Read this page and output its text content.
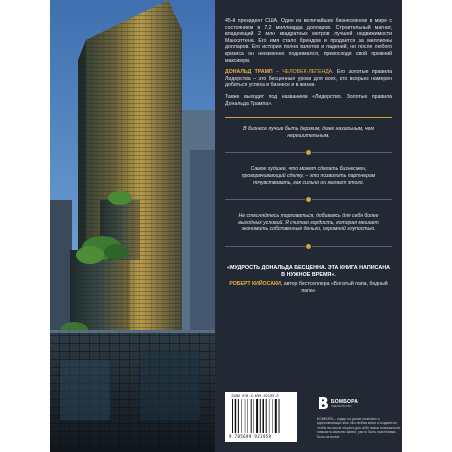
45-й президент США. Один из величайших бизнесменов в мире с состоянием в 7,2 миллиарда долларов. Строительный магнат, владеющий 2 млн квадратных метров лучшей недвижимости Манхэттена. Его имя стало брендом и продается за миллионы долларов. Его история полна взлетов и падений, но после любого кризиса он неизменно поднимался, превосходя свой прежний максимум.

ДОНАЛЬД ТРАМП – ЧЕЛОВЕК-ЛЕГЕНДА. Его золотые правила Лидерства – это бесценные уроки для всех, кто всерьез намерен добиться успеха в бизнесе и в жизни.

Также выходит под названием «Лидерство. Золотые правила Дональда Трампа».

В бизнесе лучше быть дерзким, даже нахальным, чем нерешительным.

Самое худшее, что может сделать бизнесмен, проворачивающий сделку, – это позволить партнерам почувствовать, как сильно он желает этого.

Не стесняйтесь торговаться, добиваясь для себя более выгодных условий. Я считаю гордость, которая мешает экономить собственные деньги, огромной глупостью.

«МУДРОСТЬ ДОНАЛЬДА БЕСЦЕННА. ЭТА КНИГА НАПИСАНА В НУЖНОЕ ВРЕМЯ».

РОБЕРТ КИЙОСАКИ, автор бестселлера «Богатый папа, бедный папа»

ISBN 978-5-699-92195-9
9 785699 921959
БОМБОРА
ИЗДАТЕЛЬСТВО

БОМБОРА – лидер на рынке полезных и вдохновляющих книг. Мы любим книги и создаем их, чтобы вы могли открыть для себя новые возможности, повысить качество жизни, расти. Быть счастливым. Быть на волне.
